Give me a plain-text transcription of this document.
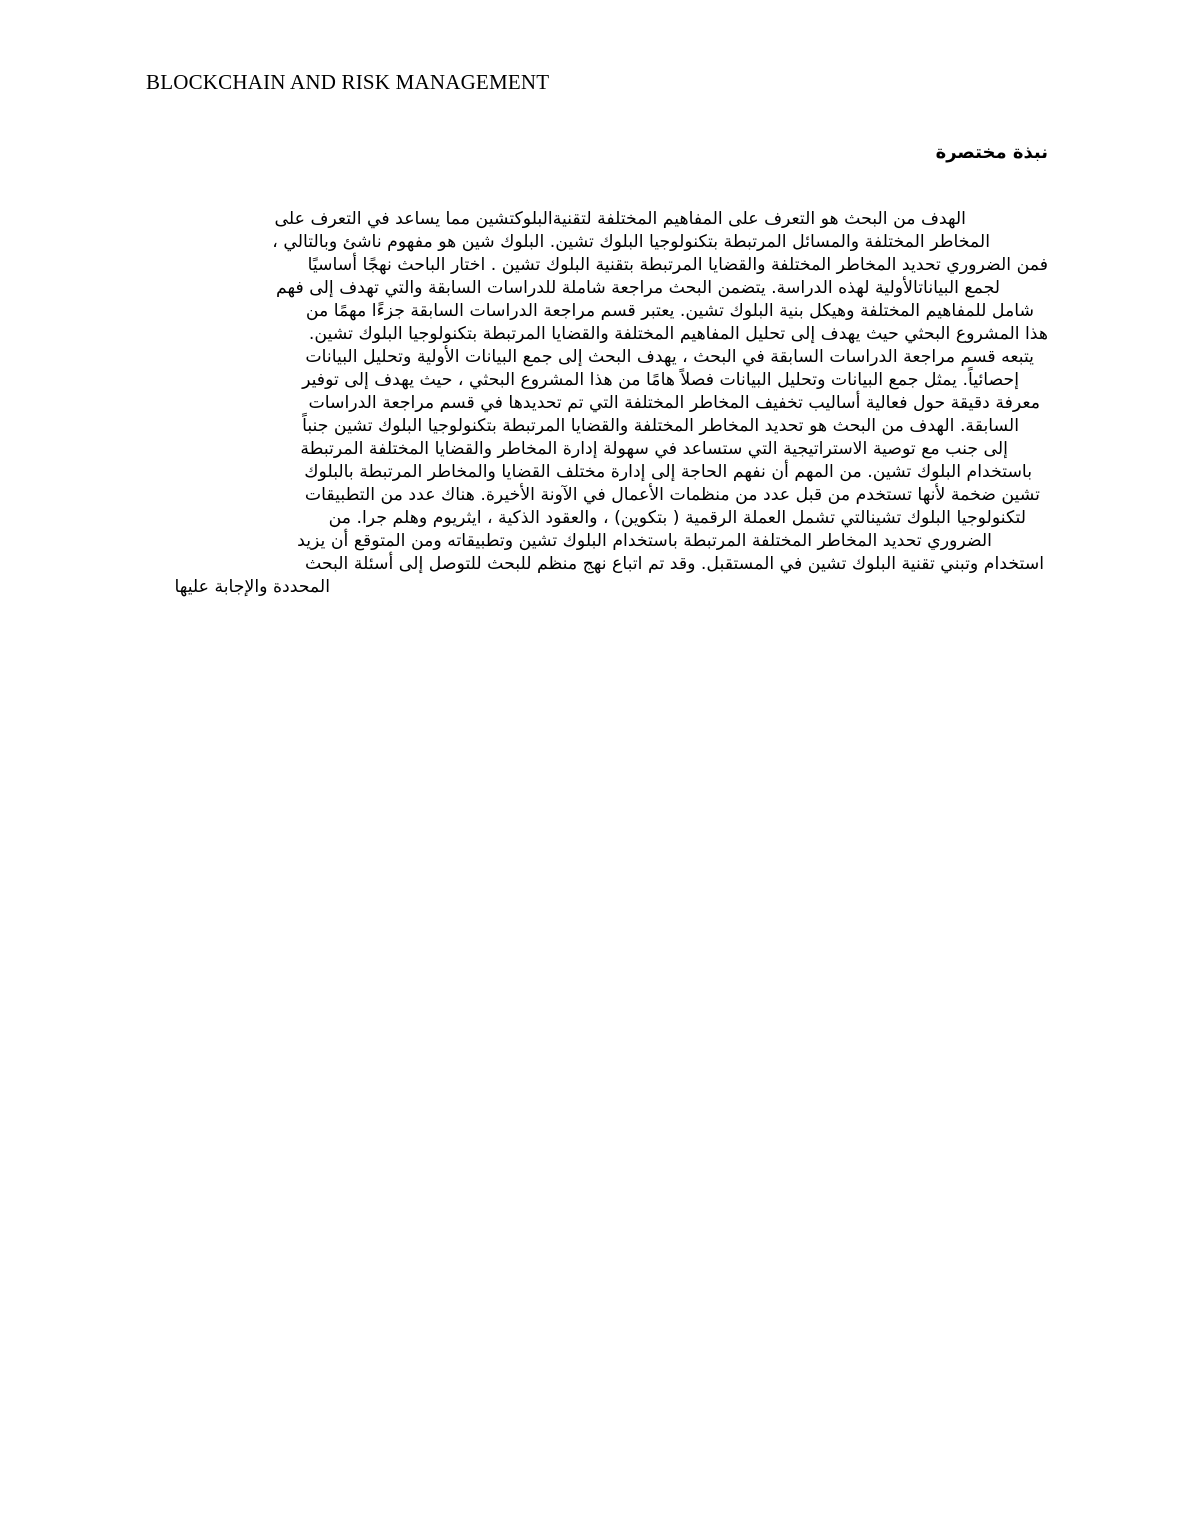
BLOCKCHAIN AND RISK MANAGEMENT
نبذة مختصرة
الهدف من البحث هو التعرف على المفاهيم المختلفة لتقنيةالبلوكتشين مما يساعد في التعرف على
المخاطر المختلفة والمسائل المرتبطة بتكنولوجيا البلوك تشين. البلوك شين هو مفهوم ناشئ وبالتالي ،
فمن الضروري تحديد المخاطر المختلفة والقضايا المرتبطة بتقنية البلوك تشين . اختار الباحث نهجًا أساسيًا
لجمع البياناتالأولية لهذه الدراسة. يتضمن البحث مراجعة شاملة للدراسات السابقة والتي تهدف إلى فهم
شامل للمفاهيم المختلفة وهيكل بنية البلوك تشين. يعتبر قسم مراجعة الدراسات السابقة جزءًا مهمًا من
هذا المشروع البحثي حيث يهدف إلى تحليل المفاهيم المختلفة والقضايا المرتبطة بتكنولوجيا البلوك تشين.
يتبعه قسم مراجعة الدراسات السابقة في البحث ، يهدف البحث إلى جمع البيانات الأولية وتحليل البيانات
إحصائياً. يمثل جمع البيانات وتحليل البيانات فصلاً هامًا من هذا المشروع البحثي ، حيث يهدف إلى توفير
معرفة دقيقة حول فعالية أساليب تخفيف المخاطر المختلفة التي تم تحديدها في قسم مراجعة الدراسات
السابقة. الهدف من البحث هو تحديد المخاطر المختلفة والقضايا المرتبطة بتكنولوجيا البلوك تشين جنباً
إلى جنب مع توصية الاستراتيجية التي ستساعد في سهولة إدارة المخاطر والقضايا المختلفة المرتبطة
باستخدام البلوك تشين. من المهم أن نفهم الحاجة إلى إدارة مختلف القضايا والمخاطر المرتبطة بالبلوك
تشين ضخمة لأنها تستخدم من قبل عدد من منظمات الأعمال في الآونة الأخيرة. هناك عدد من التطبيقات
لتكنولوجيا البلوك تشينالتي تشمل العملة الرقمية ( بتكوين) ، والعقود الذكية ، ايثريوم وهلم جرا. من
الضروري تحديد المخاطر المختلفة المرتبطة باستخدام البلوك تشين وتطبيقاته ومن المتوقع أن يزيد
استخدام وتبني تقنية البلوك تشين في المستقبل. وقد تم اتباع نهج منظم للبحث للتوصل إلى أسئلة البحث
المحددة والإجابة عليها
